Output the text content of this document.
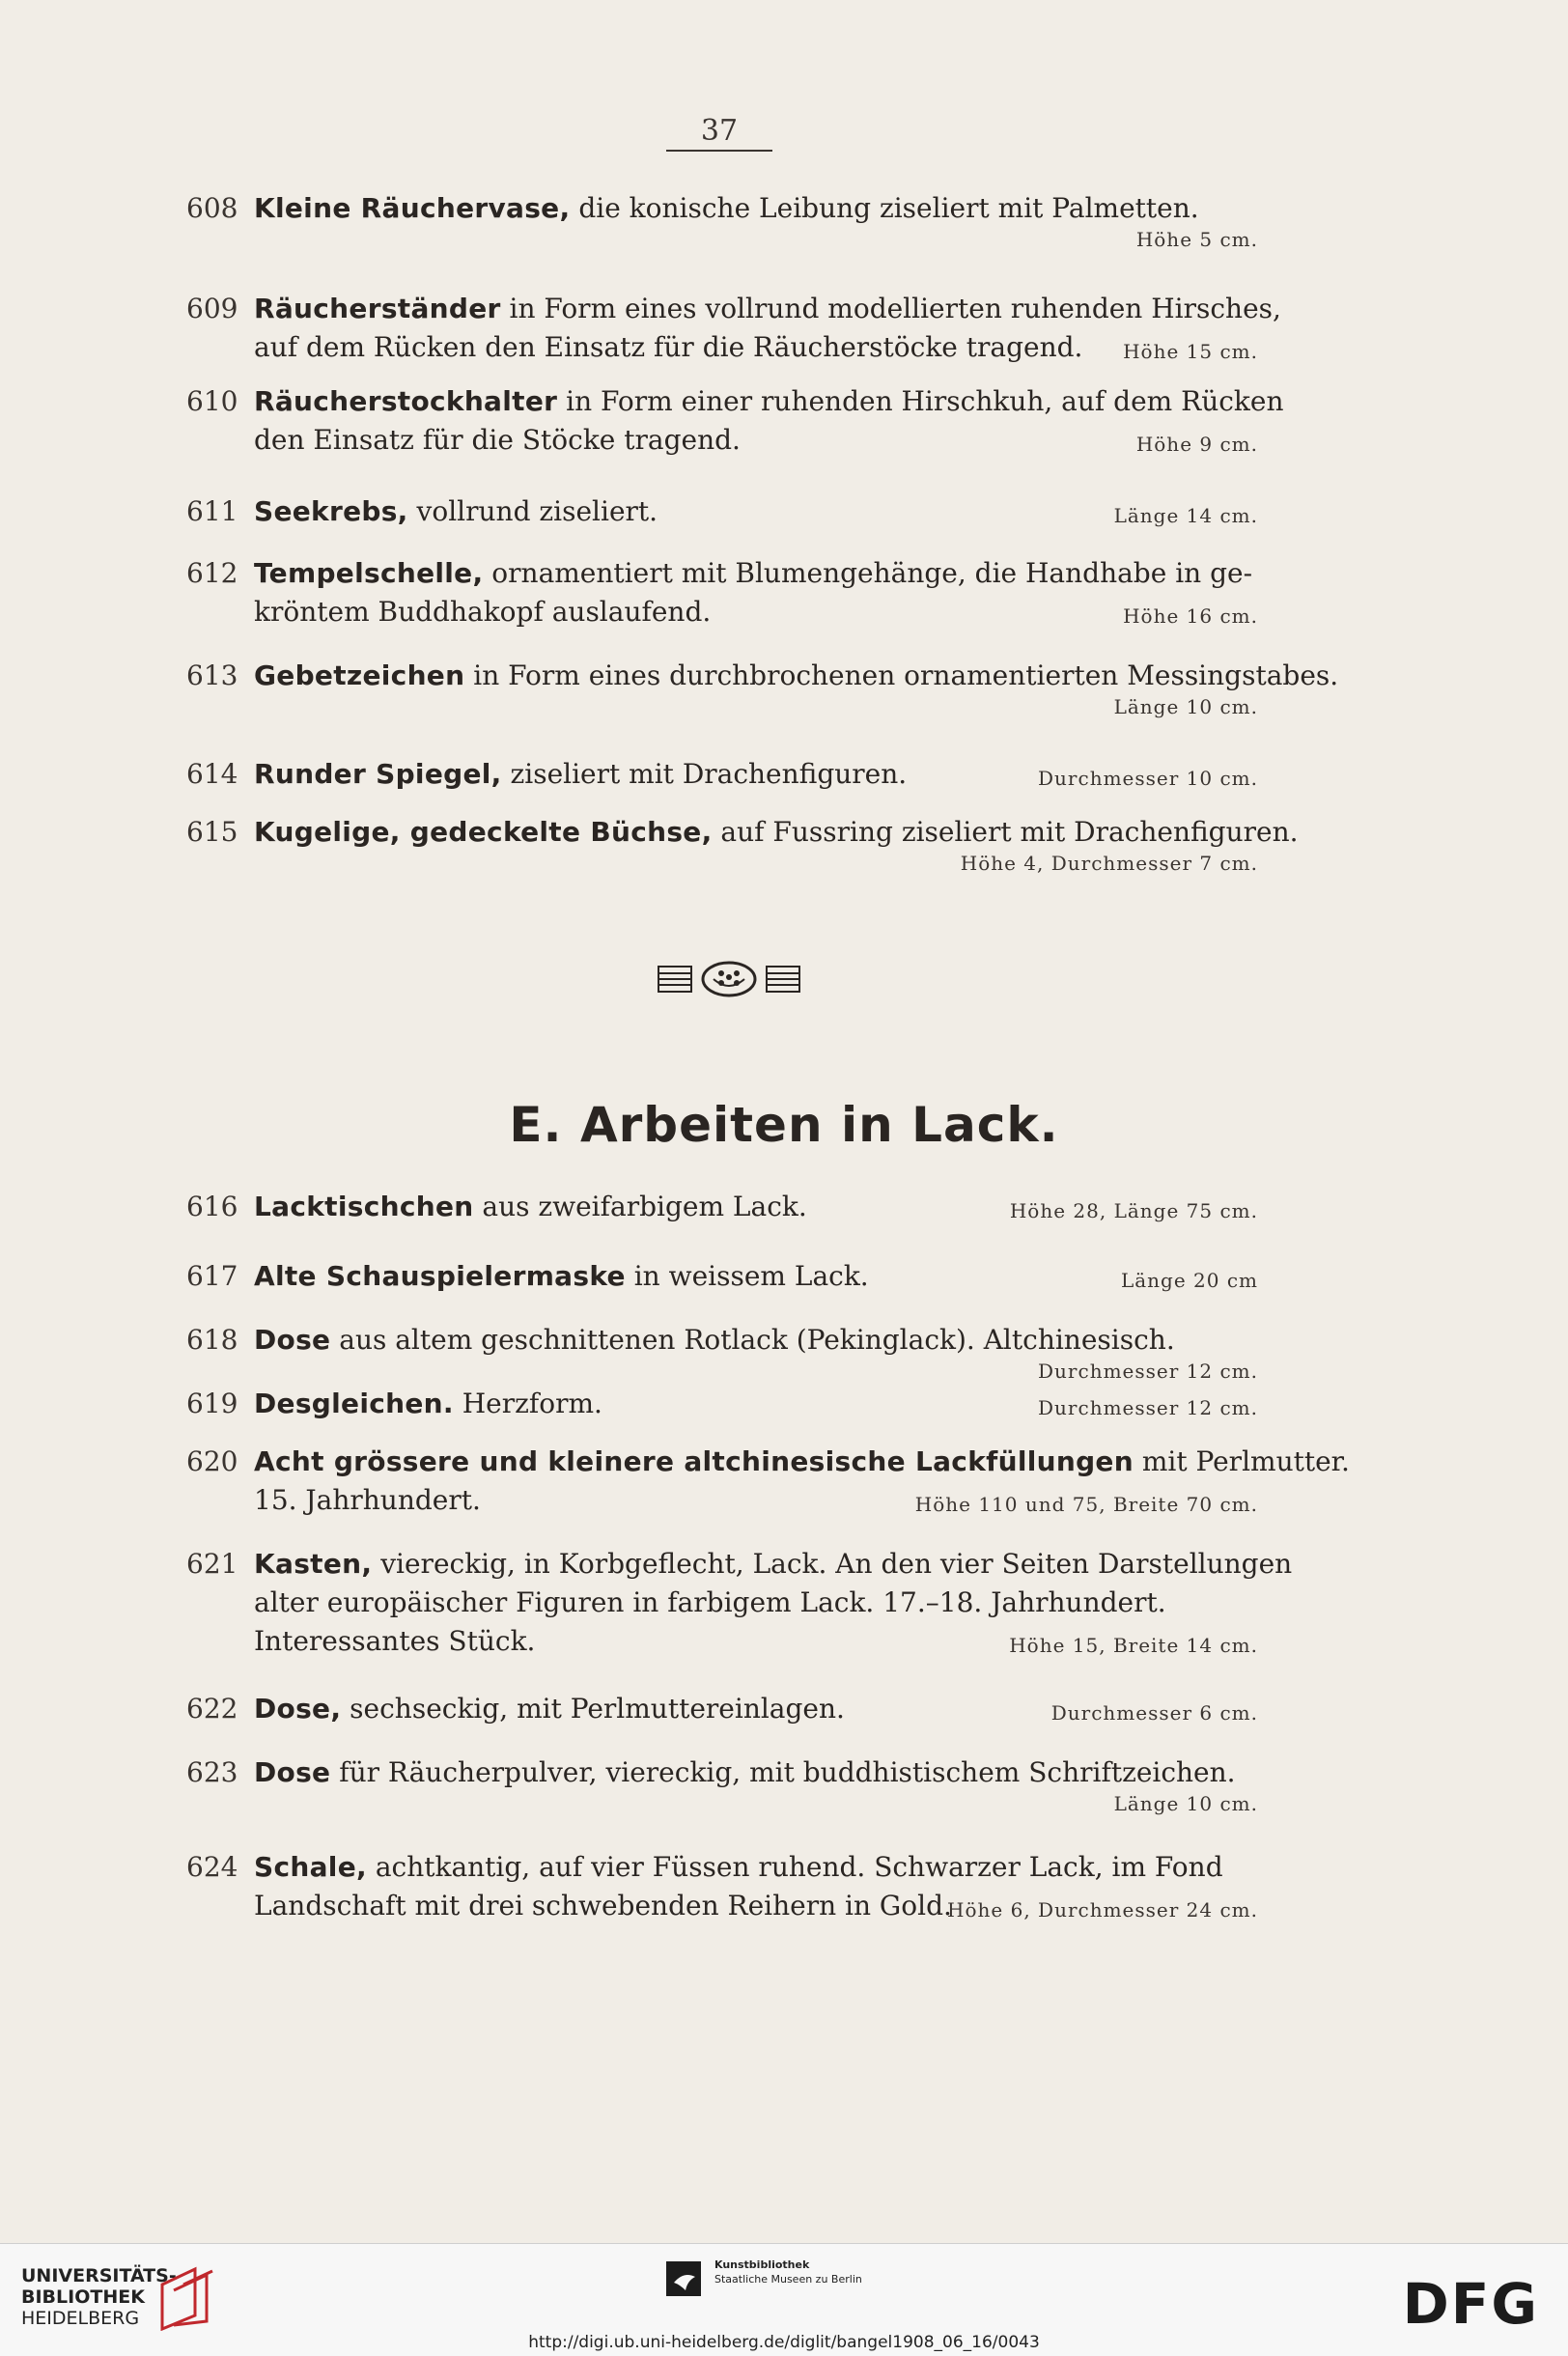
37
608 Kleine Räuchervase, die konische Leibung ziseliert mit Palmetten.
Höhe 5 cm.
609 Räucherständer in Form eines vollrund modellierten ruhenden Hirsches,
auf dem Rücken den Einsatz für die Räucherstöcke tragend. Höhe 15 cm.
610 Räucherstockhalter in Form einer ruhenden Hirschkuh, auf dem Rücken
den Einsatz für die Stöcke tragend.	Höhe 9 cm.
611 Seekrebs, vollrund ziseliert.	Länge 14 cm.
612 Tempelschelle, ornamentiert mit Blumengehänge, die Handhabe in ge-
kröntem Buddhakopf auslaufend.	Höhe 16 cm.
613 Gebetzeichen in Form eines durchbrochenen ornamentierten Messingstabes.
Länge 10 cm.
614 Runder Spiegel, ziseliert mit Drachenfiguren.	Durchmesser 10 cm.
615 Kugelige, gedeckelte Büchse, auf Fussring ziseliert mit Drachenfiguren.
Höhe 4, Durchmesser 7 cm.
E. Arbeiten in Lack.
616 Lacktischchen aus zweifarbigem Lack.	Höhe 28, Länge 75 cm.
617 Alte Schauspielermaske in weissem Lack.	Länge 20 cm
618 Dose aus altem geschnittenen Rotlack (Pekinglack). Altchinesisch.
Durchmesser 12 cm.
619 Desgleichen. Herzform.	Durchmesser 12 cm.
620 Acht grössere und kleinere altchinesische Lackfüllungen mit Perlmutter.
15. Jahrhundert.	Höhe 110 und 75, Breite 70 cm.
621 Kasten, viereckig, in Korbgeflecht, Lack. An den vier Seiten Darstellungen
alter europäischer Figuren in farbigem Lack. 17.–18. Jahrhundert.
Interessantes Stück.	Höhe 15, Breite 14 cm.
622 Dose, sechseckig, mit Perlmuttereinlagen.	Durchmesser 6 cm.
623 Dose für Räucherpulver, viereckig, mit buddhistischem Schriftzeichen.
Länge 10 cm.
624 Schale, achtkantig, auf vier Füssen ruhend. Schwarzer Lack, im Fond
Landschaft mit drei schwebenden Reihern in Gold.
Höhe 6, Durchmesser 24 cm.
UNIVERSITÄTS-
BIBLIOTHEK
HEIDELBERG
Kunstbibliothek
Staatliche Museen zu Berlin	DFG
http://digi.ub.uni-heidelberg.de/diglit/bangel1908_06_16/0043
